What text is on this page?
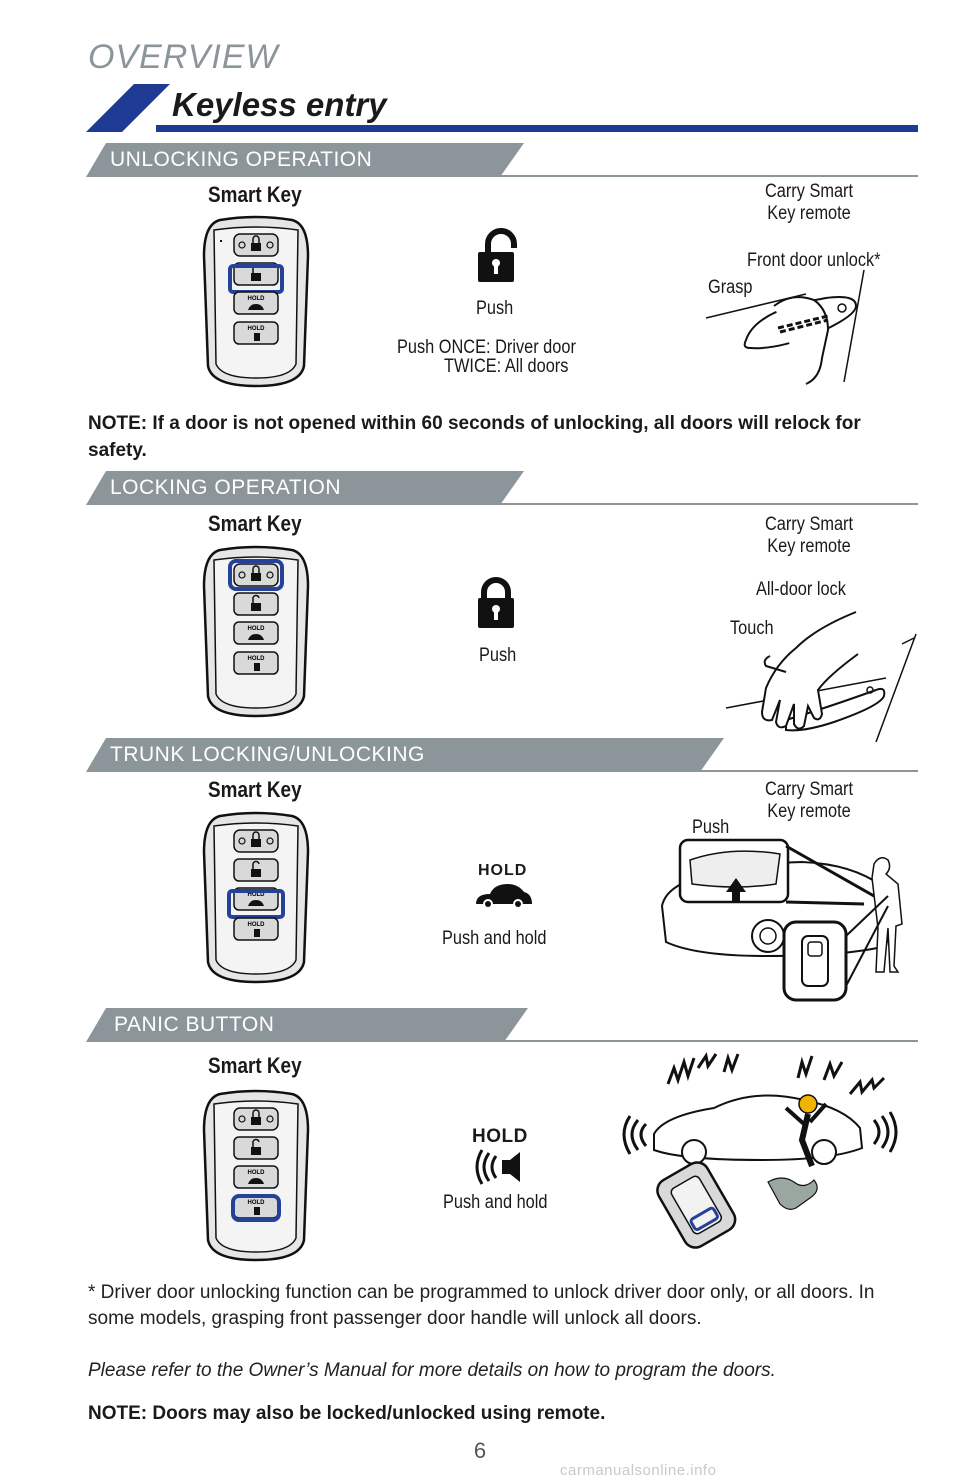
OVERVIEW
Keyless entry
UNLOCKING OPERATION
Smart Key
HOLD
HOLD
Push
Push ONCE: Driver door
TWICE: All doors
Carry Smart
Key remote
Front door unlock*
Grasp
NOTE: If a door is not opened within 60 seconds of unlocking, all doors will relock for safety.
LOCKING OPERATION
Smart Key
HOLD
HOLD	Push
Carry Smart
Key remote
All-door lock
Touch
TRUNK LOCKING/UNLOCKING
Smart Key
HOLD
HOLD
HOLD
Push and hold
Carry Smart
Key remote
Push
PANIC BUTTON
Smart Key
HOLD
HOLD
HOLD
Push and hold
* Driver door unlocking function can be programmed to unlock driver door only, or all doors. In some models, grasping front passenger door handle will unlock all doors.
Please refer to the Owner’s Manual for more details on how to program the doors.
NOTE: Doors may also be locked/unlocked using remote.
6
carmanualsonline.info
